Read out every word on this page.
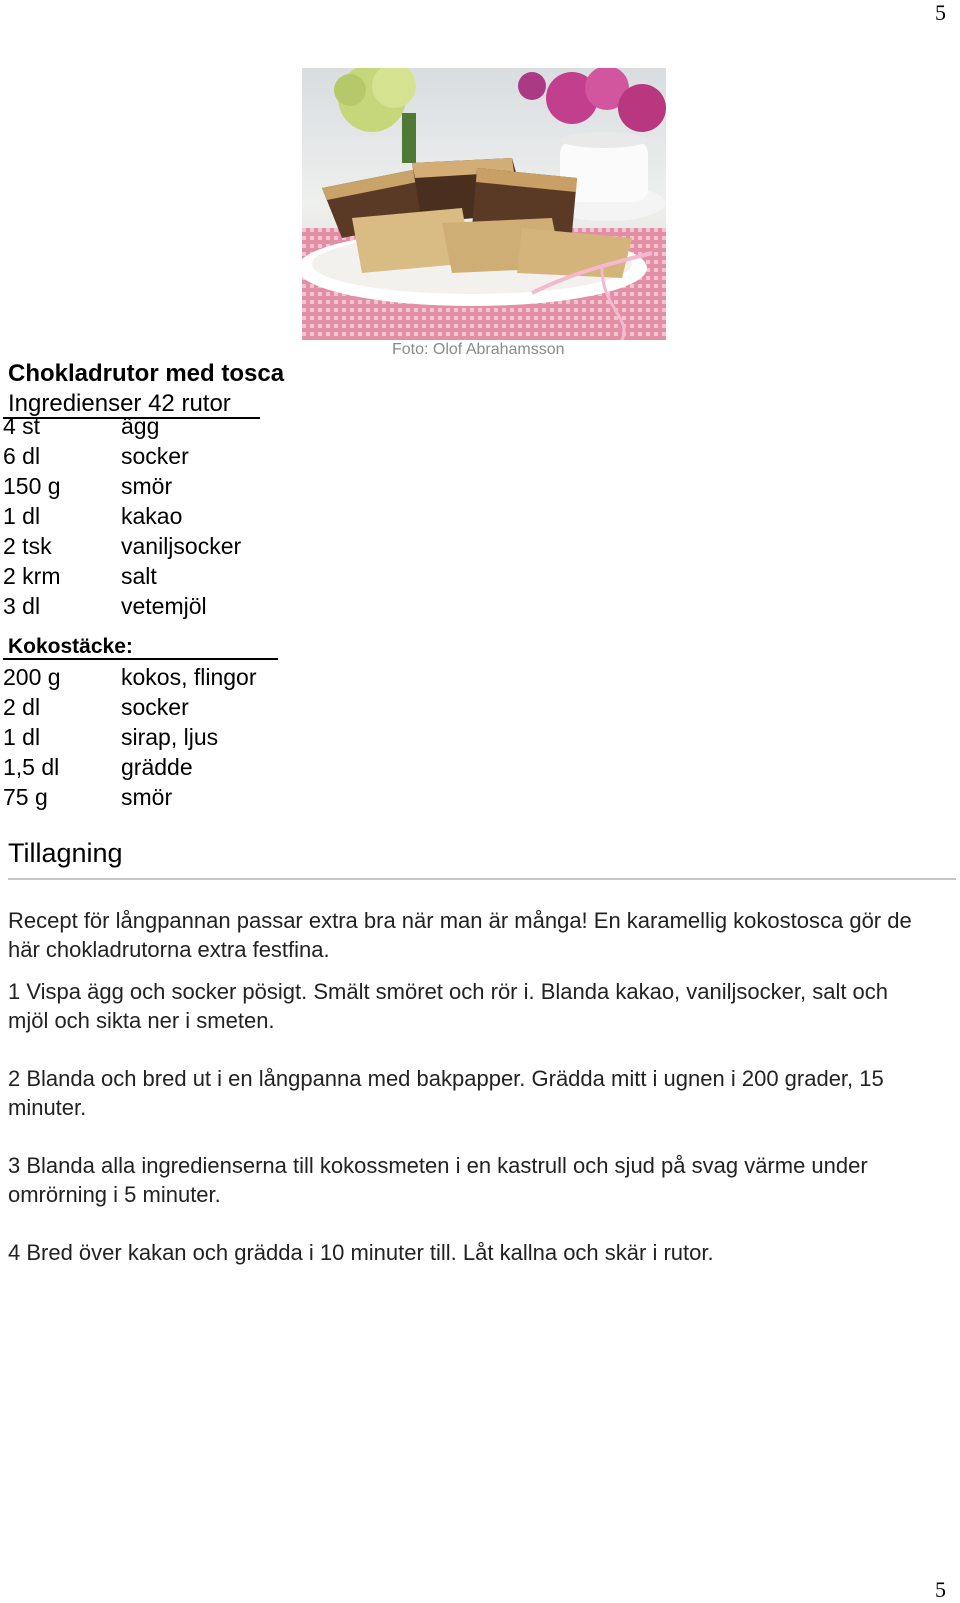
5
Foto: Olof Abrahamsson
Chokladrutor med tosca
Ingredienser 42 rutor
4 st	ägg
6 dl	socker
150 g	smör
1 dl	kakao
2 tsk	vaniljsocker
2 krm	salt
3 dl	vetemjöl
Kokostäcke:
200 g	kokos, flingor
2 dl	socker
1 dl	sirap, ljus
1,5 dl	grädde
75 g	smör
Tillagning
Recept för långpannan passar extra bra när man är många! En karamellig kokostosca gör de här chokladrutorna extra festfina.
1 Vispa ägg och socker pösigt. Smält smöret och rör i. Blanda kakao, vaniljsocker, salt och mjöl och sikta ner i smeten.
2 Blanda och bred ut i en långpanna med bakpapper. Grädda mitt i ugnen i 200 grader, 15 minuter.
3 Blanda alla ingredienserna till kokossmeten i en kastrull och sjud på svag värme under omrörning i 5 minuter.
4 Bred över kakan och grädda i 10 minuter till. Låt kallna och skär i rutor.
5
